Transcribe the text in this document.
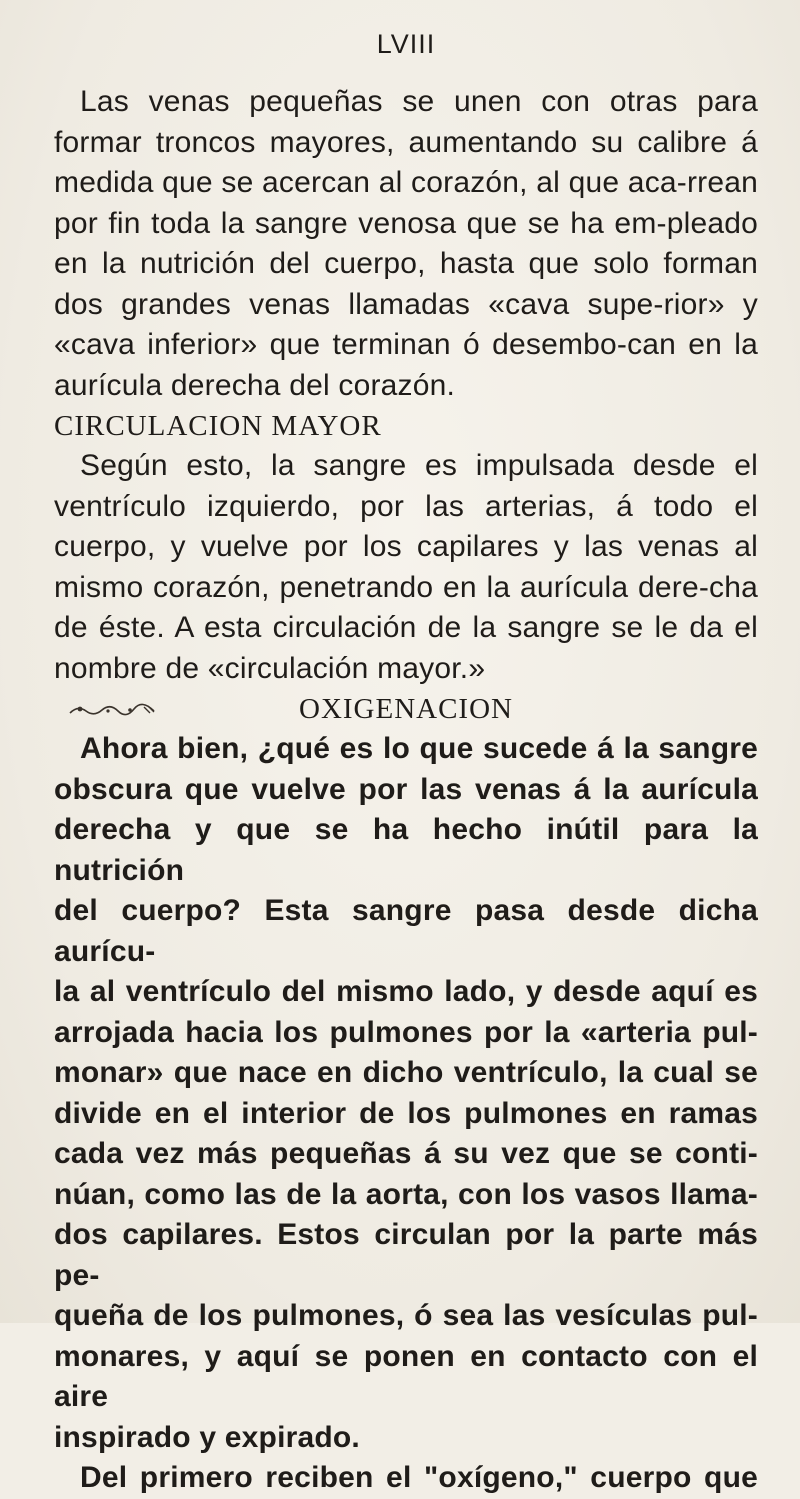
LVIII

Las venas pequeñas se unen con otras para formar troncos mayores, aumentando su calibre á medida que se acercan al corazón, al que aca-rrean por fin toda la sangre venosa que se ha em-pleado en la nutrición del cuerpo, hasta que solo forman dos grandes venas llamadas «cava supe-rior» y «cava inferior» que terminan ó desembo-can en la aurícula derecha del corazón.

CIRCULACION MAYOR

Según esto, la sangre es impulsada desde el ventrículo izquierdo, por las arterias, á todo el cuerpo, y vuelve por los capilares y las venas al mismo corazón, penetrando en la aurícula dere-cha de éste. A esta circulación de la sangre se le da el nombre de «circulación mayor.»

OXIGENACION

Ahora bien, ¿qué es lo que sucede á la sangre

obscura que vuelve por las venas á la aurícula

derecha y que se ha hecho inútil para la nutrición

del cuerpo? Esta sangre pasa desde dicha aurícu-

la al ventrículo del mismo lado, y desde aquí es

arrojada hacia los pulmones por la «arteria pul-

monar» que nace en dicho ventrículo, la cual se

divide en el interior de los pulmones en ramas

cada vez más pequeñas á su vez que se conti-

núan, como las de la aorta, con los vasos llama-

dos capilares. Estos circulan por la parte más pe-

queña de los pulmones, ó sea las vesículas pul-

monares, y aquí se ponen en contacto con el aire

inspirado y expirado.

Del primero reciben el "oxígeno," cuerpo que
